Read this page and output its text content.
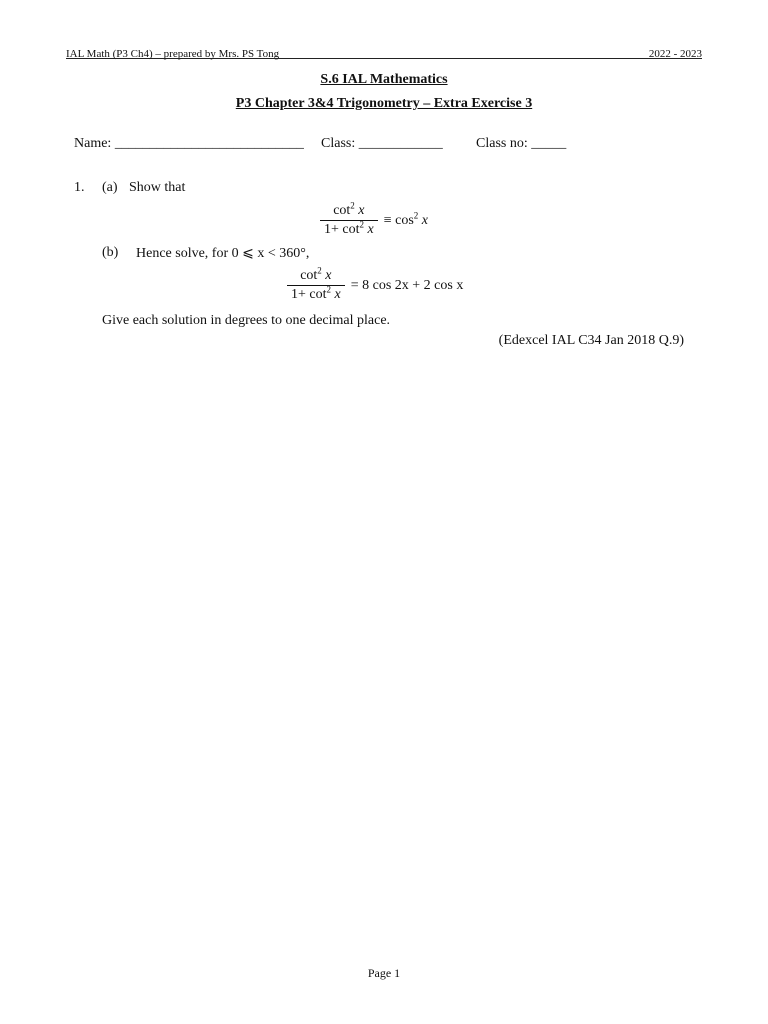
IAL Math (P3 Ch4) – prepared by Mrs. PS Tong	2022 - 2023
S.6 IAL Mathematics
P3 Chapter 3&4 Trigonometry – Extra Exercise 3
Name: ___________________________ Class: ____________ Class no: _____
1. (a) Show that
$\frac{\cot^2 x}{1+ \cot^2 x} \equiv \cos^2 x$
(b) Hence solve, for 0 ⩽ x < 360°,
$\frac{\cot^2 x}{1+ \cot^2 x} = 8$ cos 2x + 2 cos x
Give each solution in degrees to one decimal place.
(Edexcel IAL C34 Jan 2018 Q.9)
Page 1
